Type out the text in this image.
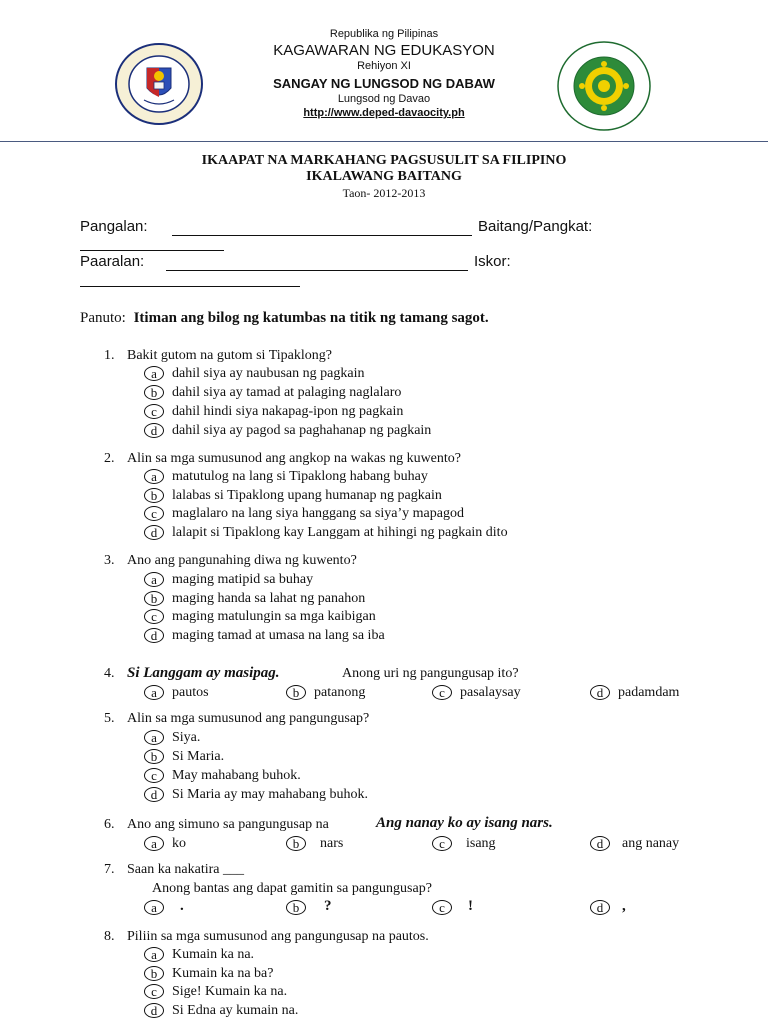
Republika ng Pilipinas
KAGAWARAN NG EDUKASYON
Rehiyon XI
SANGAY NG LUNGSOD NG DABAW
Lungsod ng Davao
http://www.deped-davaocity.ph
IKAAPAT NA MARKAHANG PAGSUSULIT SA FILIPINO
IKALAWANG BAITANG
Taon- 2012-2013
Pangalan:	Baitang/Pangkat:
Paaralan:	Iskor:
Panuto: Itiman ang bilog ng katumbas na titik ng tamang sagot.
1. Bakit gutom na gutom si Tipaklong?
a	dahil siya ay naubusan ng pagkain
b	dahil siya ay tamad at palaging naglalaro
c	dahil hindi siya nakapag-ipon ng pagkain
d	dahil siya ay pagod sa paghahanap ng pagkain
2. Alin sa mga sumusunod ang angkop na wakas ng kuwento?
a	matutulog na lang si Tipaklong habang buhay
b	lalabas si Tipaklong upang humanap ng pagkain
c	maglalaro na lang siya hanggang sa siya’y mapagod
d	lalapit si Tipaklong kay Langgam at hihingi ng pagkain dito
3. Ano ang pangunahing diwa ng kuwento?
a	maging matipid sa buhay
b	maging handa sa lahat ng panahon
c	maging matulungin sa mga kaibigan
d	maging tamad at umasa na lang sa iba
5. Alin sa mga sumusunod ang pangungusap?
a	Siya.
b	Si Maria.
c	May mahabang buhok.
d	Si Maria ay may mahabang buhok.
8. Piliin sa mga sumusunod ang pangungusap na pautos.
a	Kumain ka na.
b	Kumain ka na ba?
c	Sige! Kumain ka na.
d	Si Edna ay kumain na.
4. Si Langgam ay masipag.	Anong uri ng pangungusap ito?
a	pautos	b	patanong	c	pasalaysay	d	padamdam
6. Ano ang simuno sa pangungusap na	Ang nanay ko ay isang nars.
a	ko	b	nars	c	isang	d	ang nanay
7. Saan ka nakatira ___
Anong bantas ang dapat gamitin sa pangungusap?
a	.	b	?	c	!	d	,
